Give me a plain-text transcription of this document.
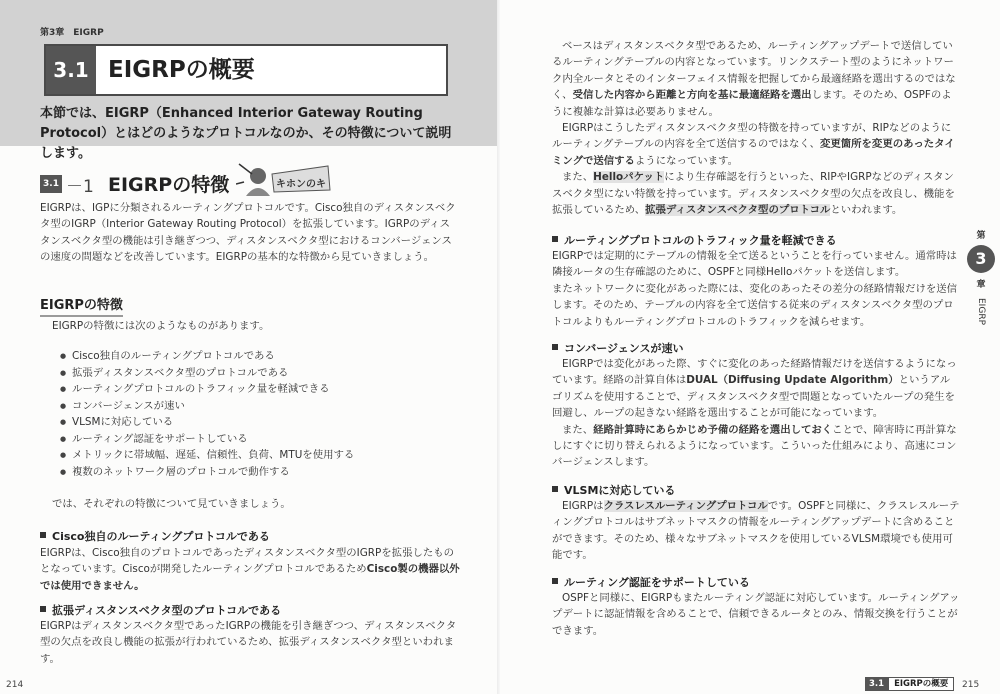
第3章　EIGRP
3.1 EIGRPの概要
本節では、EIGRP（Enhanced Interior Gateway Routing Protocol）とはどのようなプロトコルなのか、その特徴について説明します。
3.1 －1 EIGRPの特徴	キホンのキ
EIGRPは、IGPに分類されるルーティングプロトコルです。Cisco独自のディスタンスベクタ型のIGRP（Interior Gateway Routing Protocol）を拡張しています。IGRPのディスタンスベクタ型の機能は引き継ぎつつ、ディスタンスベクタ型におけるコンバージェンスの速度の問題などを改善しています。EIGRPの基本的な特徴から見ていきましょう。
EIGRPの特徴
EIGRPの特徴には次のようなものがあります。
● Cisco独自のルーティングプロトコルである
● 拡張ディスタンスベクタ型のプロトコルである
● ルーティングプロトコルのトラフィック量を軽減できる
● コンバージェンスが速い
● VLSMに対応している
● ルーティング認証をサポートしている
● メトリックに帯域幅、遅延、信頼性、負荷、MTUを使用する
● 複数のネットワーク層のプロトコルで動作する
では、それぞれの特徴について見ていきましょう。
Cisco独自のルーティングプロトコルである
EIGRPは、Cisco独自のプロトコルであったディスタンスベクタ型のIGRPを拡張したものとなっています。Ciscoが開発したルーティングプロトコルであるためCisco製の機器以外では使用できません。
拡張ディスタンスベクタ型のプロトコルである
EIGRPはディスタンスベクタ型であったIGRPの機能を引き継ぎつつ、ディスタンスベクタ型の欠点を改良し機能の拡張が行われているため、拡張ディスタンスベクタ型といわれます。
214

ベースはディスタンスベクタ型であるため、ルーティングアップデートで送信しているルーティングテーブルの内容となっています。リンクステート型のようにネットワーク内全ルータとそのインターフェイス情報を把握してから最適経路を選出するのではなく、受信した内容から距離と方向を基に最適経路を選出します。そのため、OSPFのように複雑な計算は必要ありません。

EIGRPはこうしたディスタンスベクタ型の特徴を持っていますが、RIPなどのようにルーティングテーブルの内容を全て送信するのではなく、変更箇所を変更のあったタイミングで送信するようになっています。

また、Helloパケットにより生存確認を行うといった、RIPやIGRPなどのディスタンスベクタ型にない特徴を持っています。ディスタンスベクタ型の欠点を改良し、機能を拡張しているため、拡張ディスタンスベクタ型のプロトコルといわれます。

ルーティングプロトコルのトラフィック量を軽減できる
EIGRPでは定期的にテーブルの情報を全て送るということを行っていません。通常時は隣接ルータの生存確認のために、OSPFと同様Helloパケットを送信します。
またネットワークに変化があった際には、変化のあったその差分の経路情報だけを送信します。そのため、テーブルの内容を全て送信する従来のディスタンスベクタ型のプロトコルよりもルーティングプロトコルのトラフィックを減らせます。
コンバージェンスが速い

EIGRPでは変化があった際、すぐに変化のあった経路情報だけを送信するようになっています。経路の計算自体はDUAL（Diffusing Update Algorithm）というアルゴリズムを使用することで、ディスタンスベクタ型で問題となっていたループの発生を回避し、ループの起きない経路を選出することが可能になっています。

また、経路計算時にあらかじめ予備の経路を選出しておくことで、障害時に再計算なしにすぐに切り替えられるようになっています。こういった仕組みにより、高速にコンバージェンスします。

VLSMに対応している
EIGRPはクラスレスルーティングプロトコルです。OSPFと同様に、クラスレスルーティングプロトコルはサブネットマスクの情報をルーティングアップデートに含めることができます。そのため、様々なサブネットマスクを使用しているVLSM環境でも使用可能です。
ルーティング認証をサポートしている
OSPFと同様に、EIGRPもまたルーティング認証に対応しています。ルーティングアップデートに認証情報を含めることで、信頼できるルータとのみ、情報交換を行うことができます。
第
3
章
EIGRP
3.1	EIGRPの概要	215
